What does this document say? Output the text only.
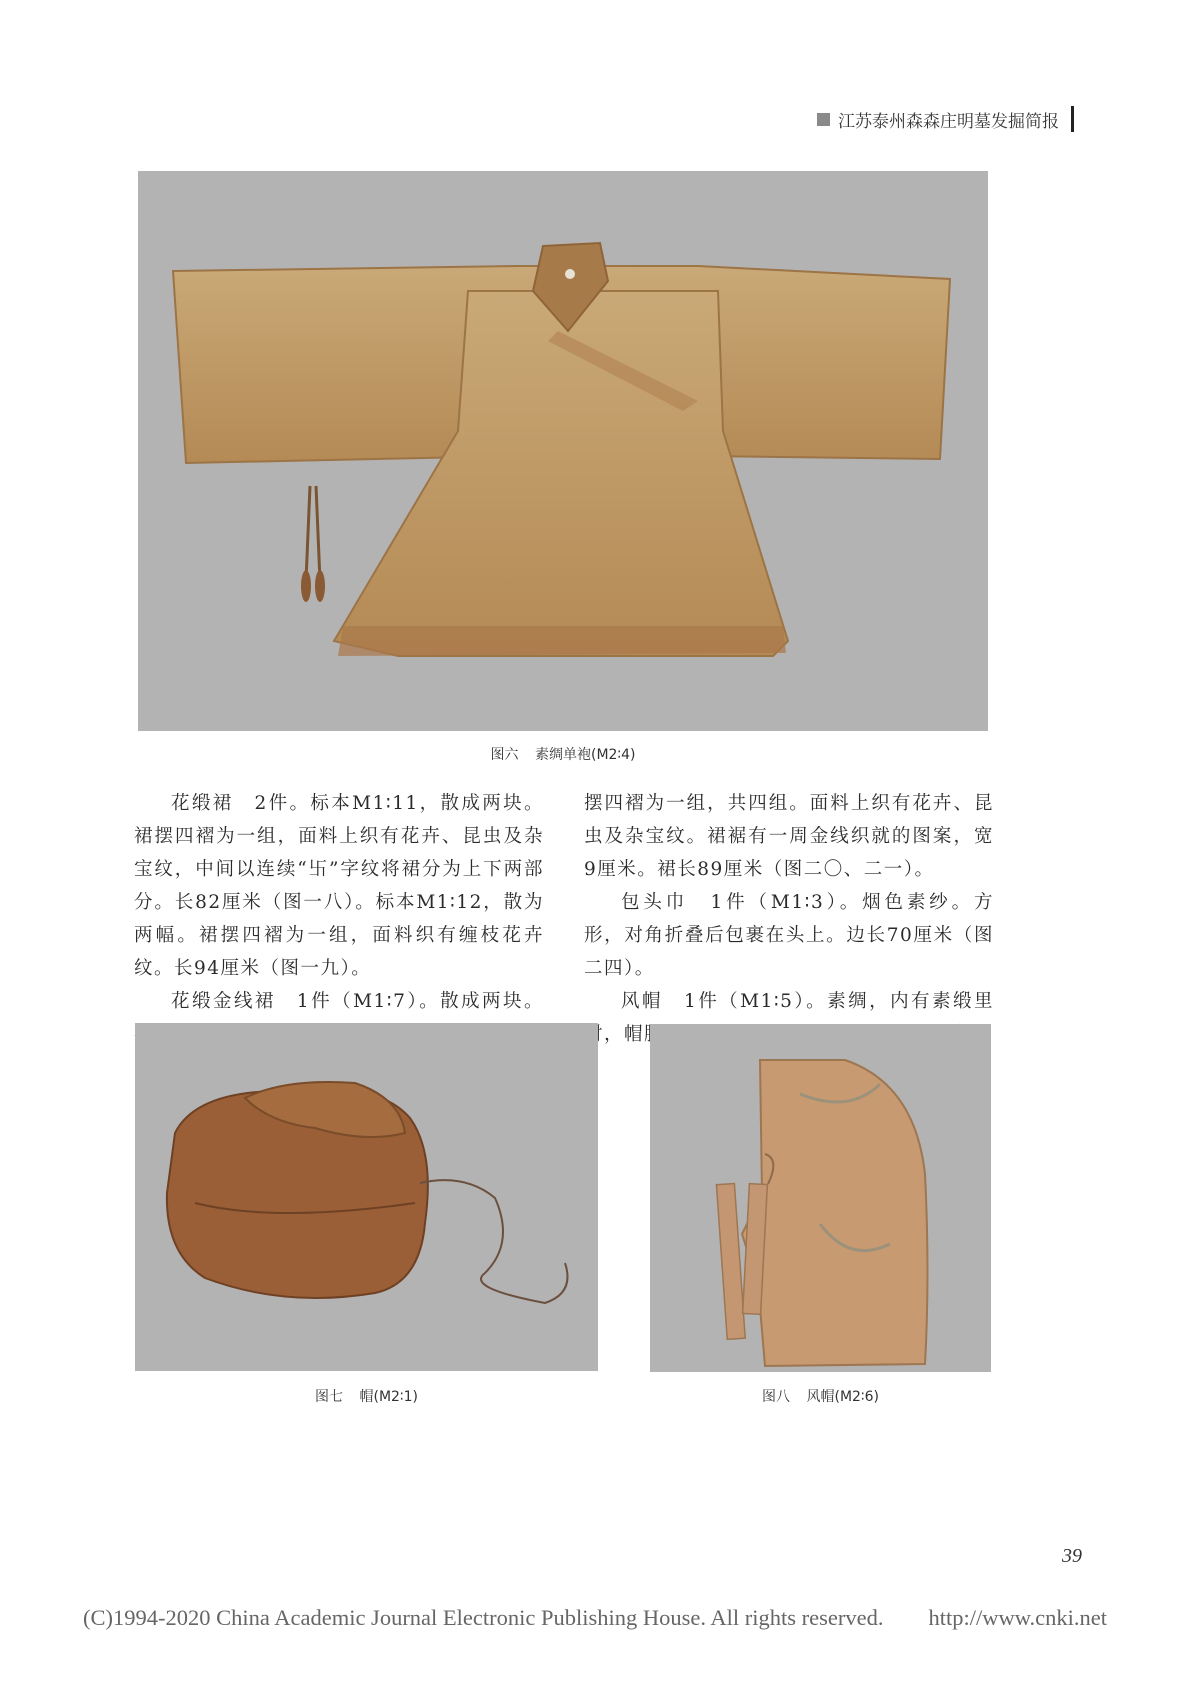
江苏泰州森森庄明墓发掘简报
图六 素绸单袍(M2∶4)

花缎裙　2件。标本M1∶11，散成两块。裙摆四褶为一组，面料上织有花卉、昆虫及杂宝纹，中间以连续“卐”字纹将裙分为上下两部分。长82厘米（图一八）。标本M1∶12，散为两幅。裙摆四褶为一组，面料织有缠枝花卉纹。长94厘米（图一九）。

花缎金线裙　1件（M1∶7）。散成两块。

摆四褶为一组，共四组。面料上织有花卉、昆虫及杂宝纹。裙裾有一周金线织就的图案，宽9厘米。裙长89厘米（图二〇、二一）。

包头巾　1件（M1∶3）。烟色素纱。方形，对角折叠后包裹在头上。边长70厘米（图二四）。

风帽　1件（M1∶5）。素绸，内有素缎里衬，帽脑

图七 帽(M2∶1)	图八 风帽(M2∶6)
39
(C)1994-2020 China Academic Journal Electronic Publishing House. All rights reserved.　　http://www.cnki.net
